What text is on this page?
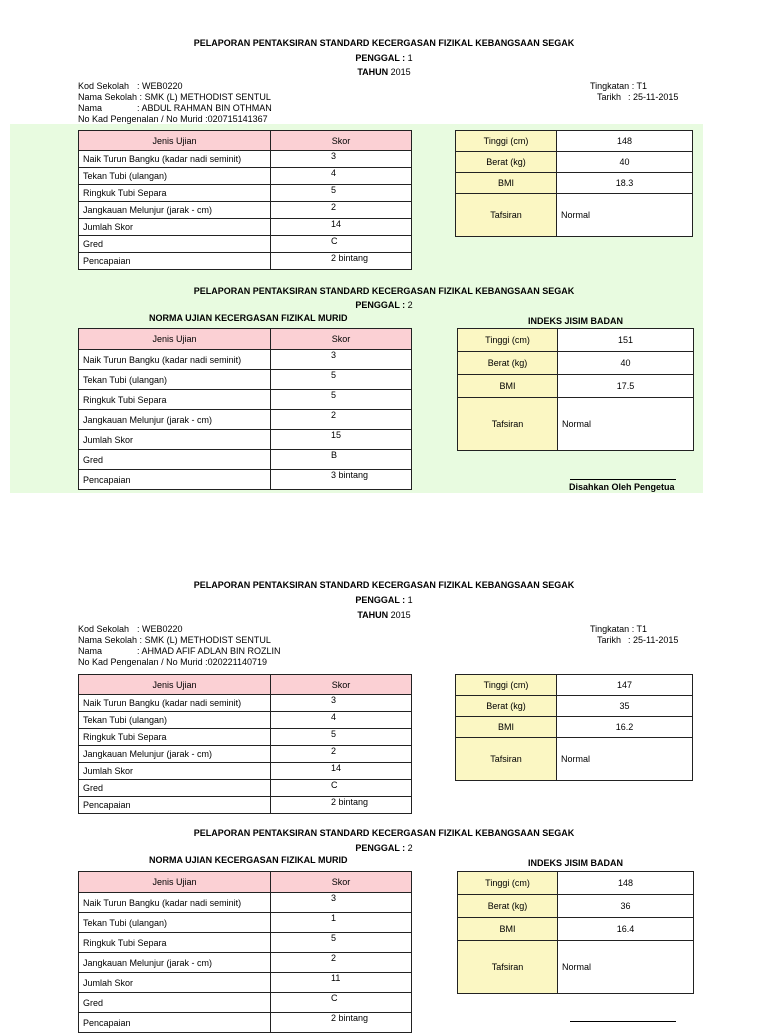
PELAPORAN PENTAKSIRAN STANDARD KECERGASAN FIZIKAL KEBANGSAAN SEGAK
PENGGAL : 1
TAHUN 2015
Kod Sekolah : WEB0220
Nama Sekolah : SMK (L) METHODIST SENTUL
Nama	: ABDUL RAHMAN BIN OTHMAN
No Kad Pengenalan / No Murid :020715141367
Tingkatan : T1
Tarikh : 25-11-2015
Jenis Ujian	Skor
Naik Turun Bangku (kadar nadi seminit)	3
Tekan Tubi (ulangan)	4
Ringkuk Tubi Separa	5
Jangkauan Melunjur (jarak - cm)	2
Jumlah Skor	14
Gred	C
Pencapaian	2 bintang
Tinggi (cm)	148
Berat (kg)	40
BMI	18.3
Tafsiran	Normal
PELAPORAN PENTAKSIRAN STANDARD KECERGASAN FIZIKAL KEBANGSAAN SEGAK
PENGGAL : 2
NORMA UJIAN KECERGASAN FIZIKAL MURID	INDEKS JISIM BADAN
Jenis Ujian	Skor
Naik Turun Bangku (kadar nadi seminit)	3
Tekan Tubi (ulangan)	5
Ringkuk Tubi Separa	5
Jangkauan Melunjur (jarak - cm)	2
Jumlah Skor	15
Gred	B
Pencapaian	3 bintang
Tinggi (cm)	151
Berat (kg)	40
BMI	17.5
Tafsiran	Normal
Disahkan Oleh Pengetua
PELAPORAN PENTAKSIRAN STANDARD KECERGASAN FIZIKAL KEBANGSAAN SEGAK
PENGGAL : 1
TAHUN 2015
Kod Sekolah : WEB0220
Nama Sekolah : SMK (L) METHODIST SENTUL
Nama	: AHMAD AFIF ADLAN BIN ROZLIN
No Kad Pengenalan / No Murid :020221140719
Tingkatan : T1
Tarikh : 25-11-2015
Jenis Ujian	Skor
Naik Turun Bangku (kadar nadi seminit)	3
Tekan Tubi (ulangan)	4
Ringkuk Tubi Separa	5
Jangkauan Melunjur (jarak - cm)	2
Jumlah Skor	14
Gred	C
Pencapaian	2 bintang
Tinggi (cm)	147
Berat (kg)	35
BMI	16.2
Tafsiran	Normal
PELAPORAN PENTAKSIRAN STANDARD KECERGASAN FIZIKAL KEBANGSAAN SEGAK
PENGGAL : 2
NORMA UJIAN KECERGASAN FIZIKAL MURID	INDEKS JISIM BADAN
Jenis Ujian	Skor
Naik Turun Bangku (kadar nadi seminit)	3
Tekan Tubi (ulangan)	1
Ringkuk Tubi Separa	5
Jangkauan Melunjur (jarak - cm)	2
Jumlah Skor	11
Gred	C
Pencapaian	2 bintang
Tinggi (cm)	148
Berat (kg)	36
BMI	16.4
Tafsiran	Normal
